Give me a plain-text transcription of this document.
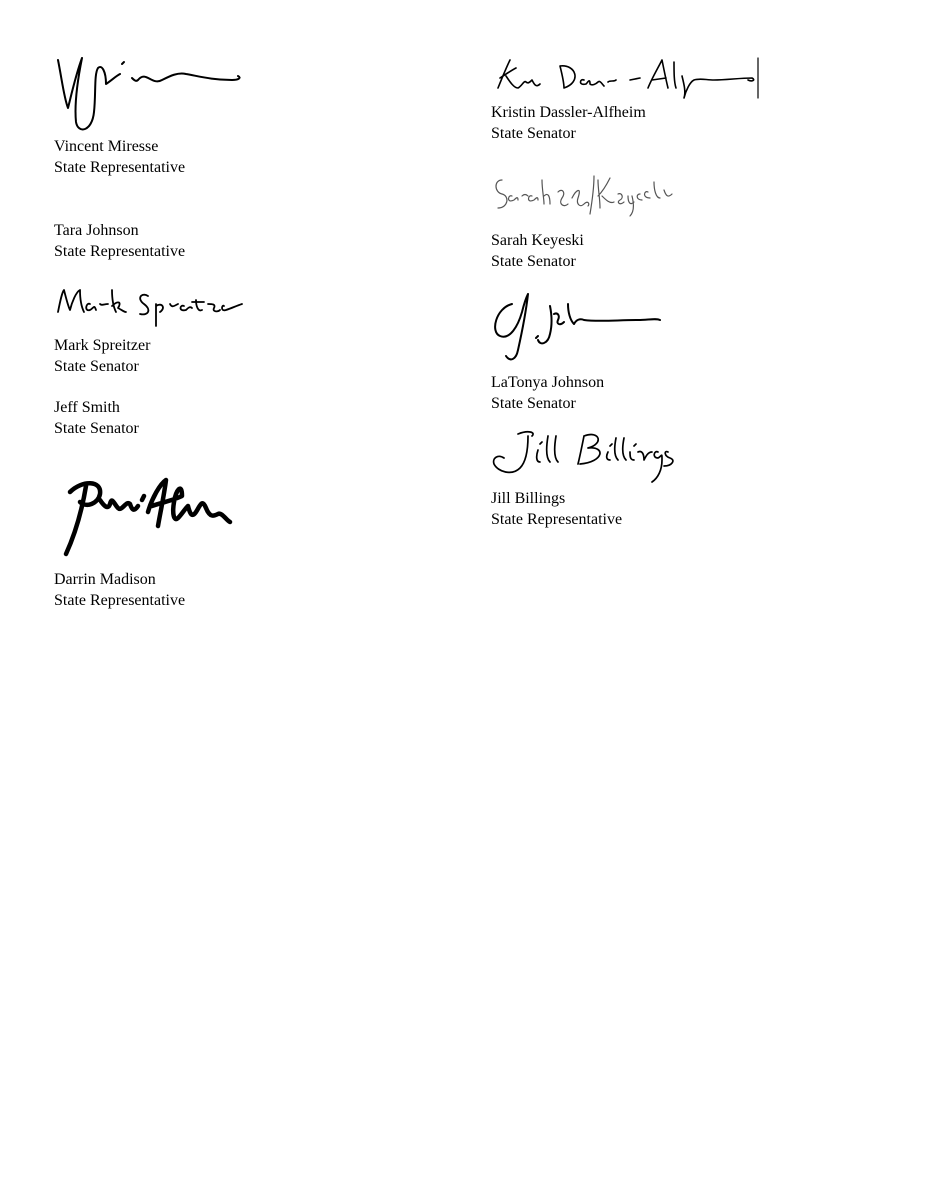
Vincent Miresse
State Representative
Tara Johnson
State Representative
Mark Spreitzer
State Senator
Jeff Smith
State Senator
Darrin Madison
State Representative
Kristin Dassler-Alfheim
State Senator
Sarah Keyeski
State Senator
LaTonya Johnson
State Senator
Jill Billings
State Representative
